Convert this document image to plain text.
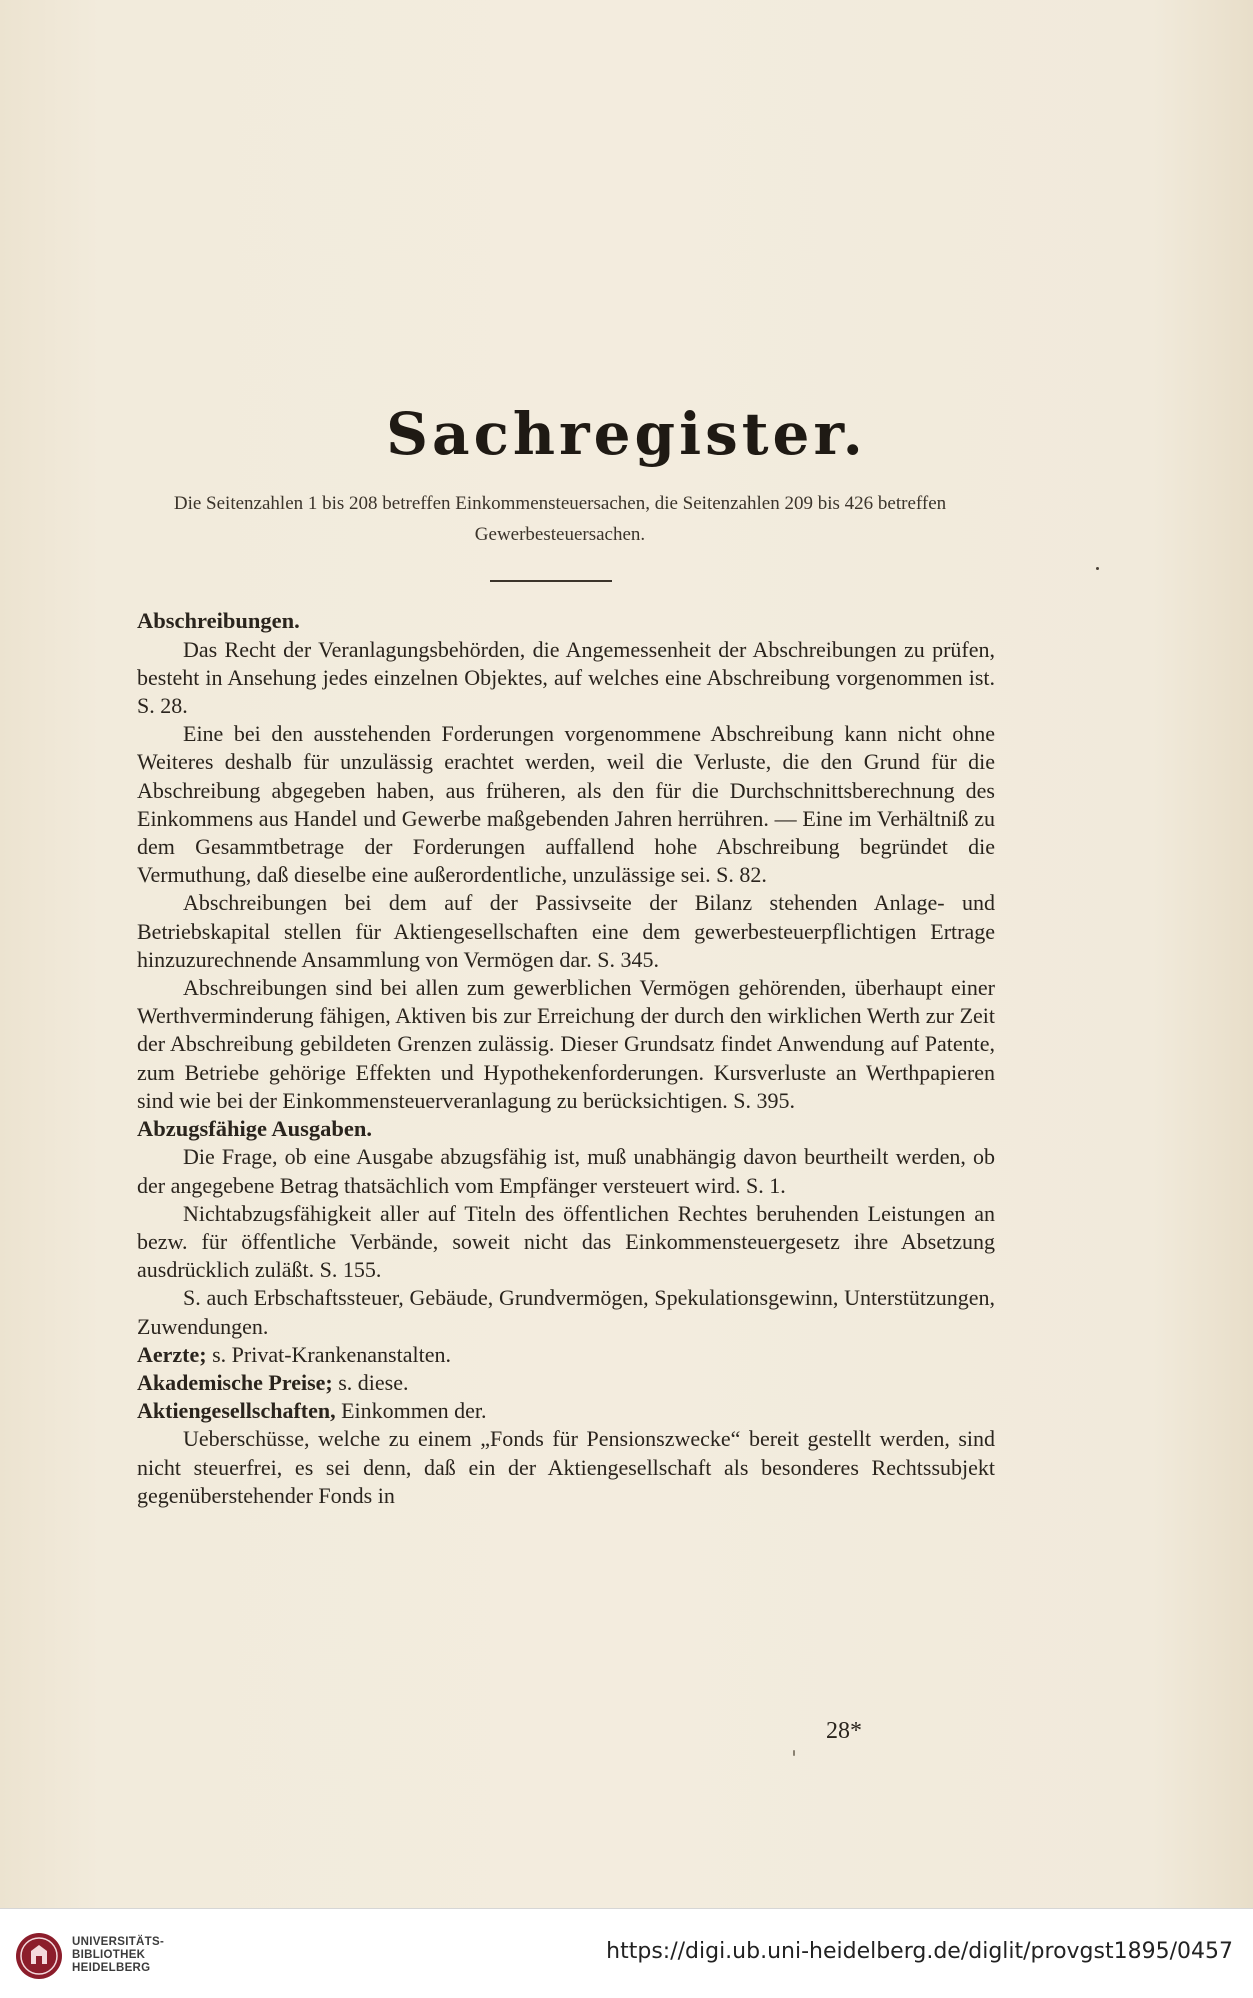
Sachregister.
Die Seitenzahlen 1 bis 208 betreffen Einkommensteuersachen, die Seitenzahlen 209 bis 426 betreffen Gewerbesteuersachen.

Abschreibungen.

Das Recht der Veranlagungsbehörden, die Angemessenheit der Abschreibungen zu prüfen, besteht in Ansehung jedes einzelnen Objektes, auf welches eine Abschreibung vorgenommen ist. S. 28.

Eine bei den ausstehenden Forderungen vorgenommene Abschreibung kann nicht ohne Weiteres deshalb für unzulässig erachtet werden, weil die Verluste, die den Grund für die Abschreibung abgegeben haben, aus früheren, als den für die Durchschnittsberechnung des Einkommens aus Handel und Gewerbe maßgebenden Jahren herrühren. — Eine im Verhältniß zu dem Gesammtbetrage der Forderungen auffallend hohe Abschreibung begründet die Vermuthung, daß dieselbe eine außerordentliche, unzulässige sei. S. 82.

Abschreibungen bei dem auf der Passivseite der Bilanz stehenden Anlage- und Betriebskapital stellen für Aktiengesellschaften eine dem gewerbesteuerpflichtigen Ertrage hinzuzurechnende Ansammlung von Vermögen dar. S. 345.

Abschreibungen sind bei allen zum gewerblichen Vermögen gehörenden, überhaupt einer Werthverminderung fähigen, Aktiven bis zur Erreichung der durch den wirklichen Werth zur Zeit der Abschreibung gebildeten Grenzen zulässig. Dieser Grundsatz findet Anwendung auf Patente, zum Betriebe gehörige Effekten und Hypothekenforderungen. Kursverluste an Werthpapieren sind wie bei der Einkommensteuerveranlagung zu berücksichtigen. S. 395.

Abzugsfähige Ausgaben.

Die Frage, ob eine Ausgabe abzugsfähig ist, muß unabhängig davon beurtheilt werden, ob der angegebene Betrag thatsächlich vom Empfänger versteuert wird. S. 1.

Nichtabzugsfähigkeit aller auf Titeln des öffentlichen Rechtes beruhenden Leistungen an bezw. für öffentliche Verbände, soweit nicht das Einkommensteuergesetz ihre Absetzung ausdrücklich zuläßt. S. 155.

S. auch Erbschaftssteuer, Gebäude, Grundvermögen, Spekulationsgewinn, Unterstützungen, Zuwendungen.

Aerzte; s. Privat-Krankenanstalten.

Akademische Preise; s. diese.

Aktiengesellschaften, Einkommen der.

Ueberschüsse, welche zu einem „Fonds für Pensionszwecke“ bereit gestellt werden, sind nicht steuerfrei, es sei denn, daß ein der Aktiengesellschaft als besonderes Rechtssubjekt gegenüberstehender Fonds in

28*
UNIVERSITÄTS-
BIBLIOTHEK
HEIDELBERG
https://digi.ub.uni-heidelberg.de/diglit/provgst1895/0457
